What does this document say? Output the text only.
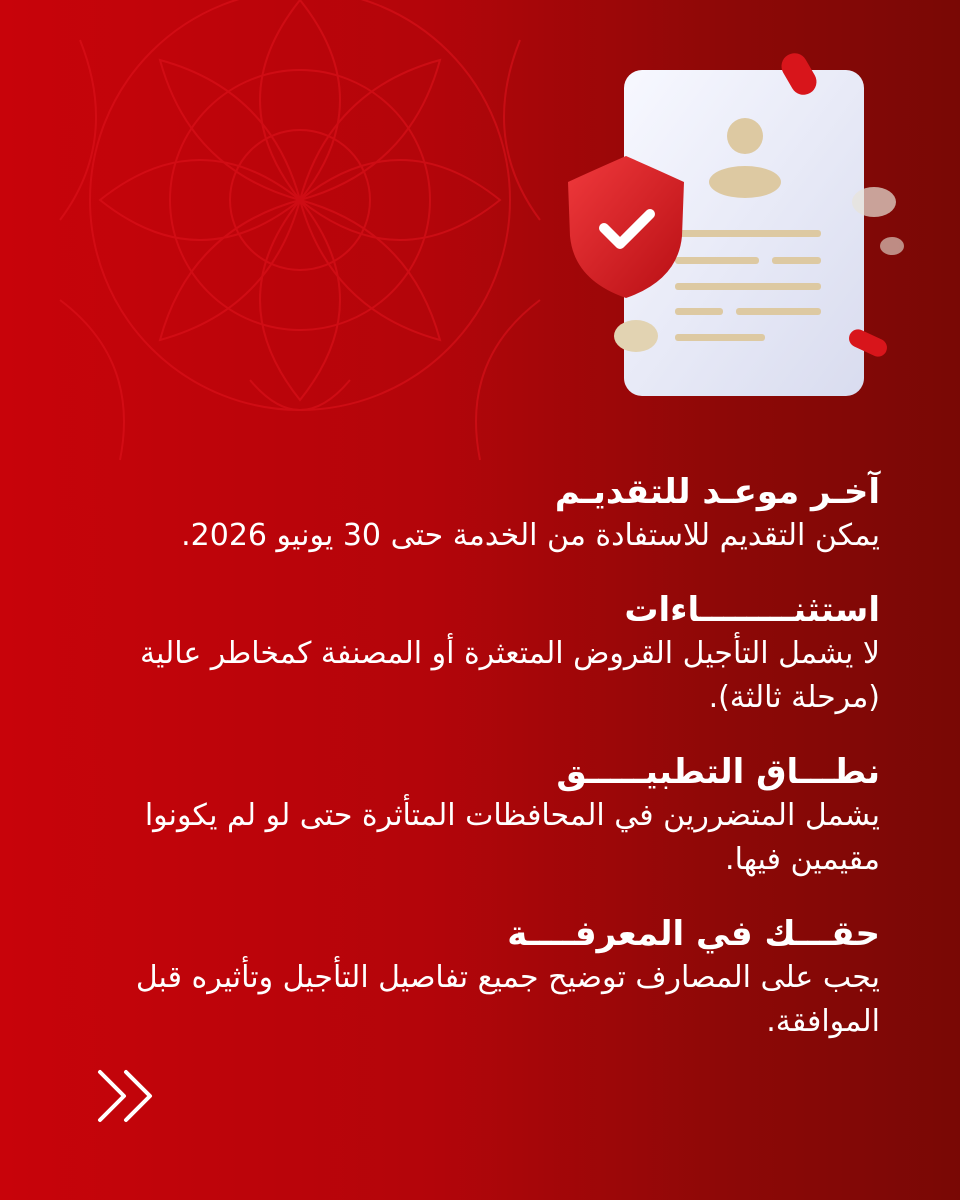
آخـر موعـد للتقديـم

يمكن التقديم للاستفادة من الخدمة حتى 30 يونيو 2026.

استثنــــــــاءات

لا يشمل التأجيل القروض المتعثرة أو المصنفة كمخاطر عالية (مرحلة ثالثة).

نطـــاق التطبيـــــق

يشمل المتضررين في المحافظات المتأثرة حتى لو لم يكونوا مقيمين فيها.

حقـــك في المعرفــــة

يجب على المصارف توضيح جميع تفاصيل التأجيل وتأثيره قبل الموافقة.
